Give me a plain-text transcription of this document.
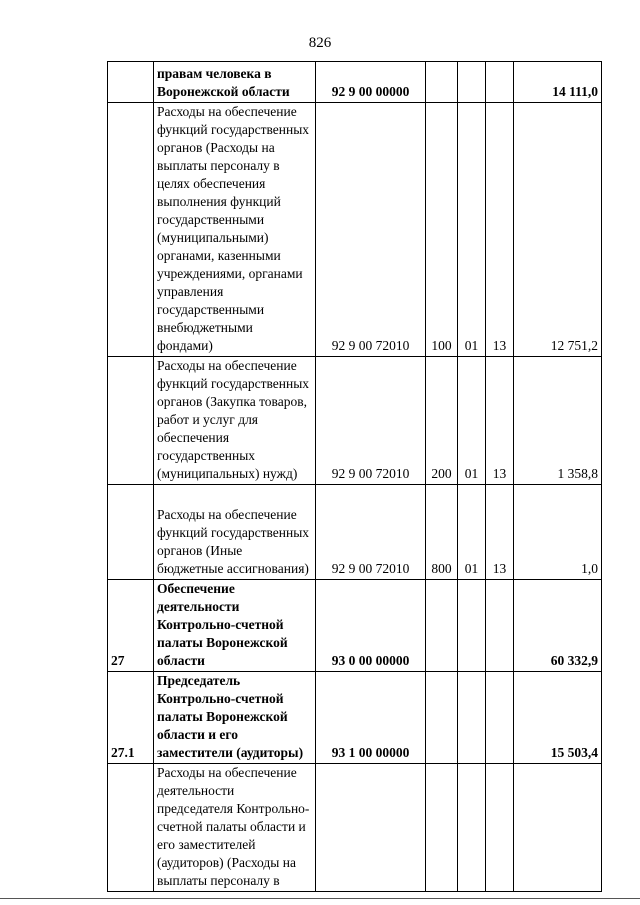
826
	правам человека в Воронежской области	92 9 00 00000				14 111,0
	Расходы на обеспечение функций государственных органов (Расходы на выплаты персоналу в целях обеспечения выполнения функций государственными (муниципальными) органами, казенными учреждениями, органами управления государственными внебюджетными фондами)	92 9 00 72010	100	01	13	12 751,2
	Расходы на обеспечение функций государственных органов (Закупка товаров, работ и услуг для обеспечения государственных (муниципальных) нужд)	92 9 00 72010	200	01	13	1 358,8
	Расходы на обеспечение функций государственных органов (Иные бюджетные ассигнования)	92 9 00 72010	800	01	13	1,0
27	Обеспечение деятельности Контрольно-счетной палаты Воронежской области	93 0 00 00000				60 332,9
27.1	Председатель Контрольно-счетной палаты Воронежской области и его заместители (аудиторы)	93 1 00 00000				15 503,4
	Расходы на обеспечение деятельности председателя Контрольно-счетной палаты области и его заместителей (аудиторов) (Расходы на выплаты персоналу в					
